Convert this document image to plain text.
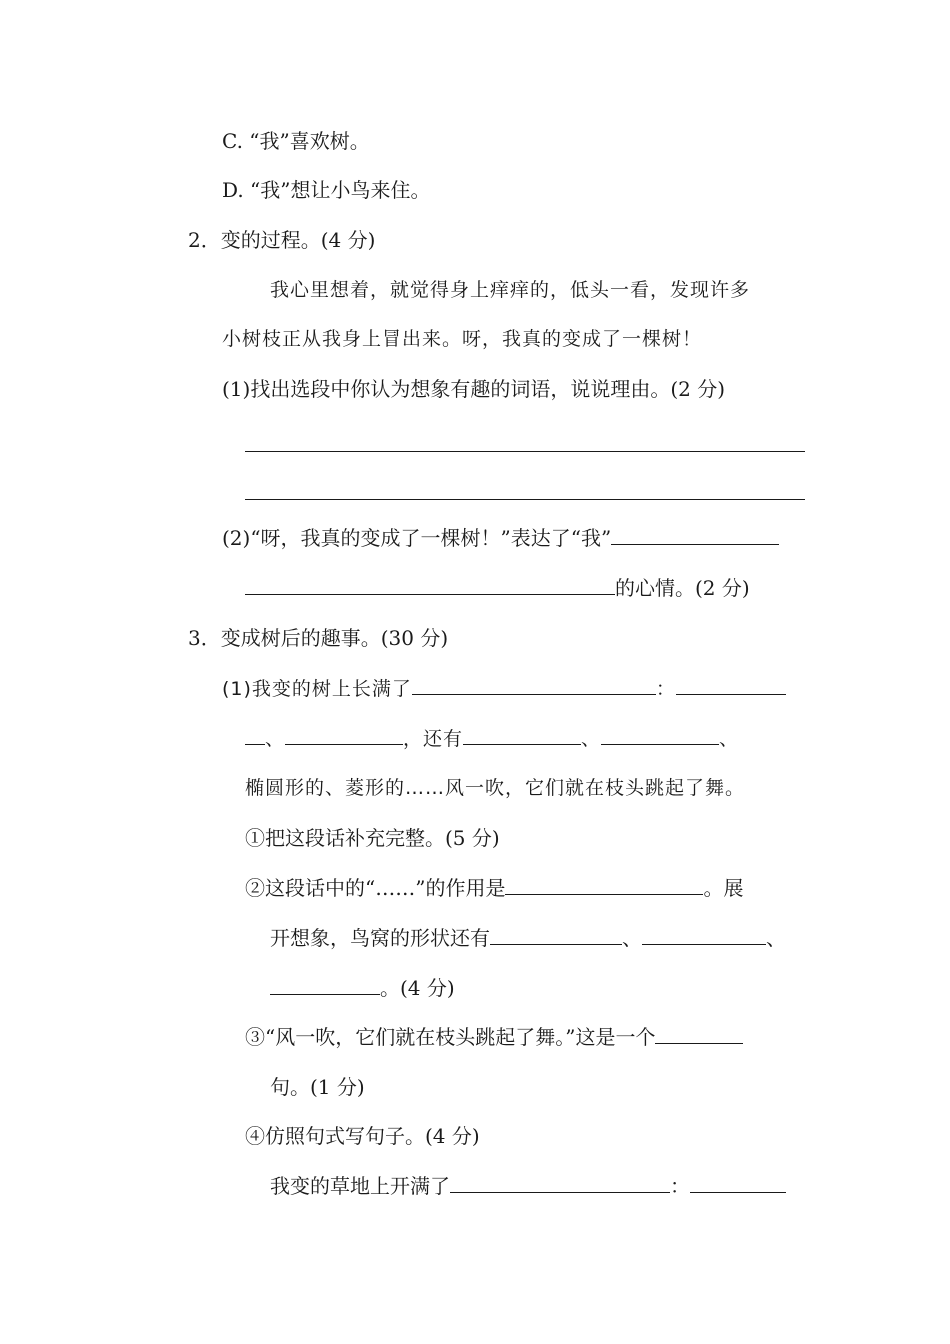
C. “我”喜欢树。
D. “我”想让小鸟来住。
2．变的过程。(4 分)
我心里想着，就觉得身上痒痒的，低头一看，发现许多
小树枝正从我身上冒出来。呀，我真的变成了一棵树！
(1)找出选段中你认为想象有趣的词语，说说理由。(2 分)
(2)“呀，我真的变成了一棵树！”表达了“我”
的心情。(2 分)
3．变成树后的趣事。(30 分)
(1)我变的树上长满了	：
、	，还有	、	、
椭圆形的、菱形的……风一吹，它们就在枝头跳起了舞。
①把这段话补充完整。(5 分)
②这段话中的“……”的作用是	。展
开想象，鸟窝的形状还有	、	、
。(4 分)
③“风一吹，它们就在枝头跳起了舞。”这是一个
句。(1 分)
④仿照句式写句子。(4 分)
我变的草地上开满了	：
